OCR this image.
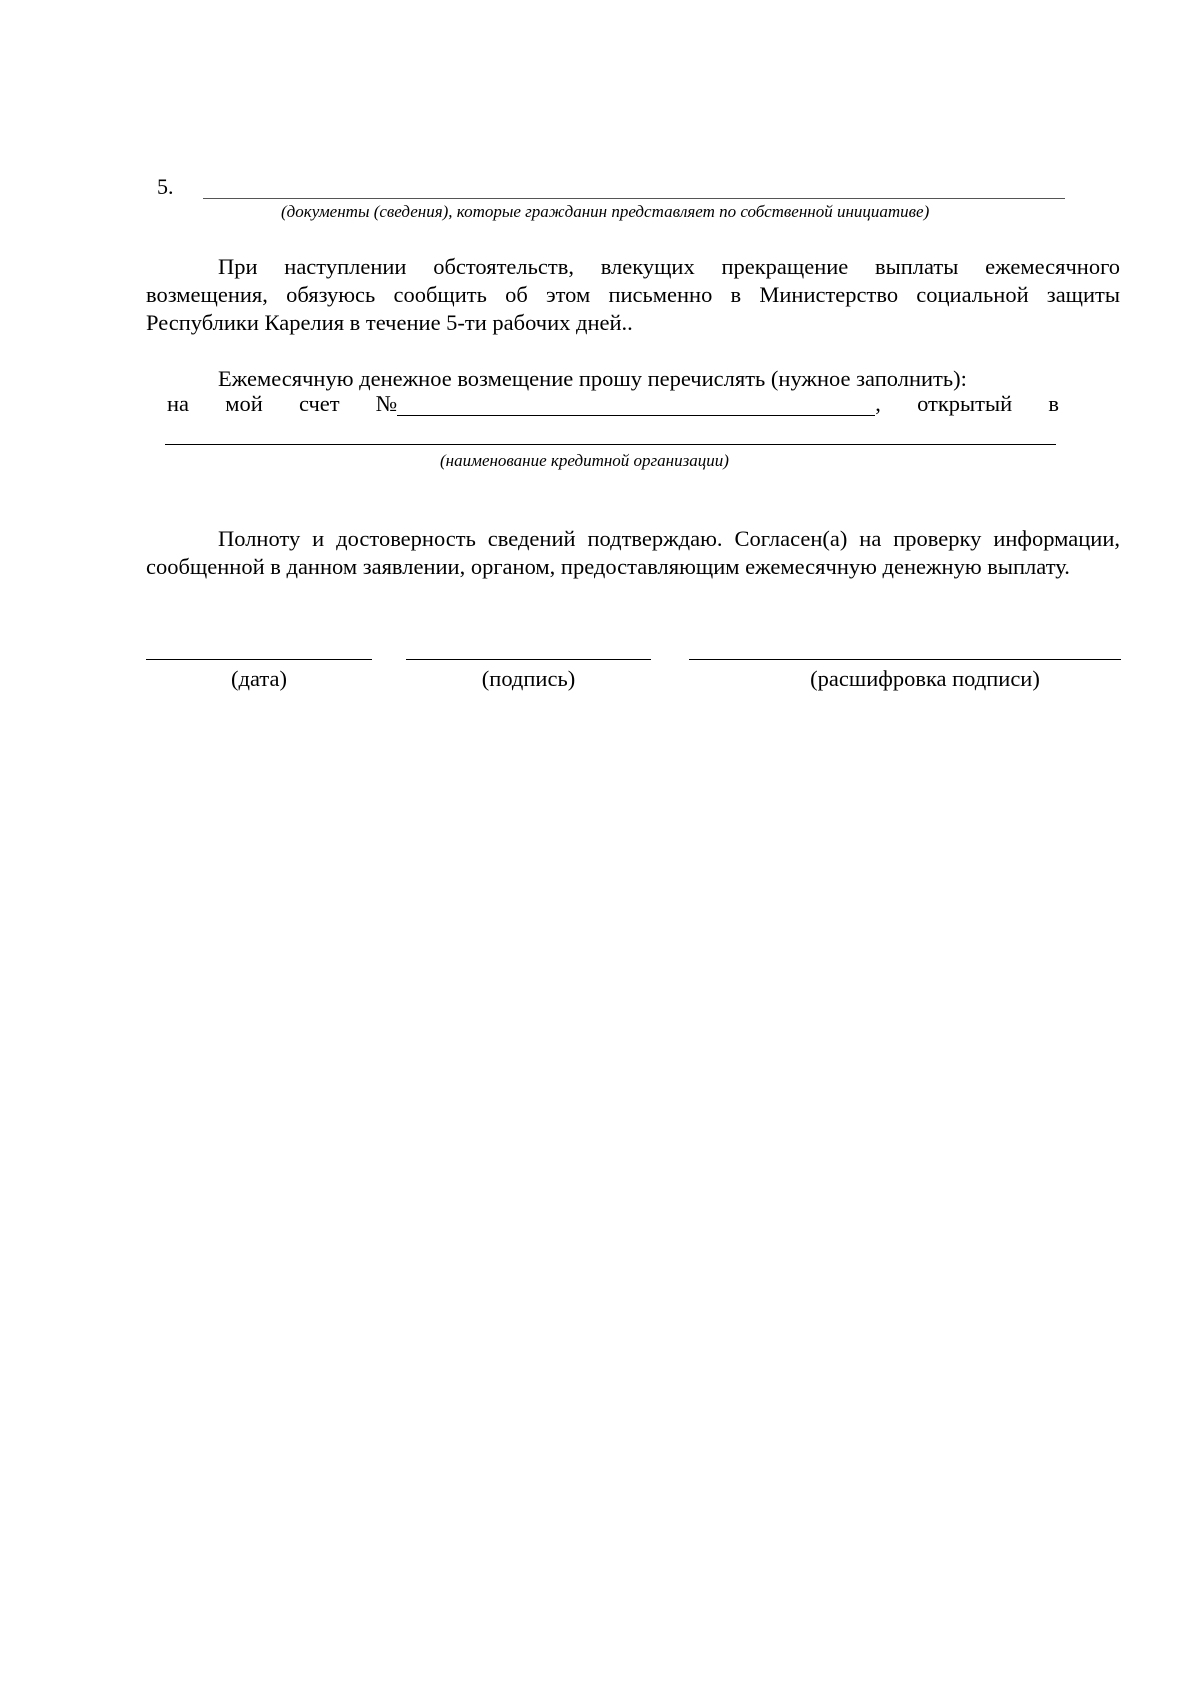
5.
(документы (сведения), которые гражданин представляет по собственной инициативе)
При наступлении обстоятельств, влекущих прекращение выплаты ежемесячного возмещения, обязуюсь сообщить об этом письменно в Министерство социальной защиты Республики Карелия в течение 5-ти рабочих дней..
Ежемесячную денежное возмещение прошу перечислять (нужное заполнить):
на мой счет №	, открытый в
(наименование кредитной организации)
Полноту и достоверность сведений подтверждаю. Согласен(а) на проверку информации, сообщенной в данном заявлении, органом, предоставляющим ежемесячную денежную выплату.
(дата)	(подпись)	(расшифровка подписи)
